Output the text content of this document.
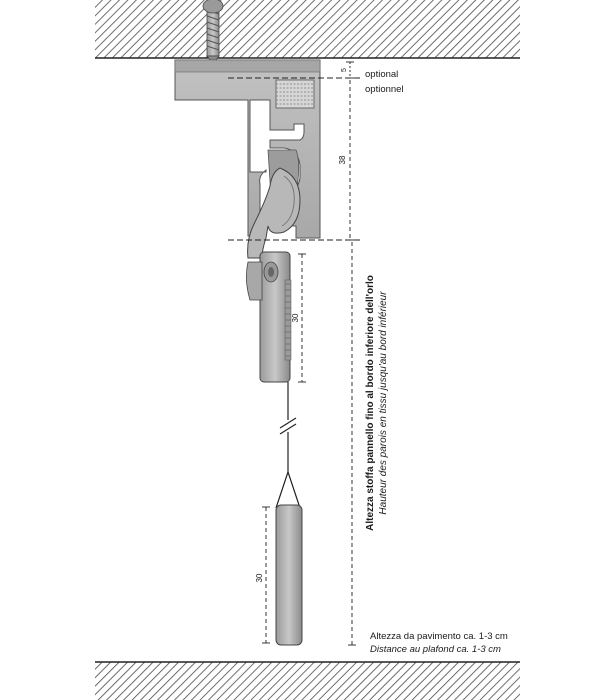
5
38
30
30
optional
optionnel
Altezza stoffa pannello fino al bordo inferiore dell'orlo Hauteur des parois en tissu jusqu'au bord inférieur
Altezza da pavimento ca. 1-3 cm
Distance au plafond ca. 1-3 cm
